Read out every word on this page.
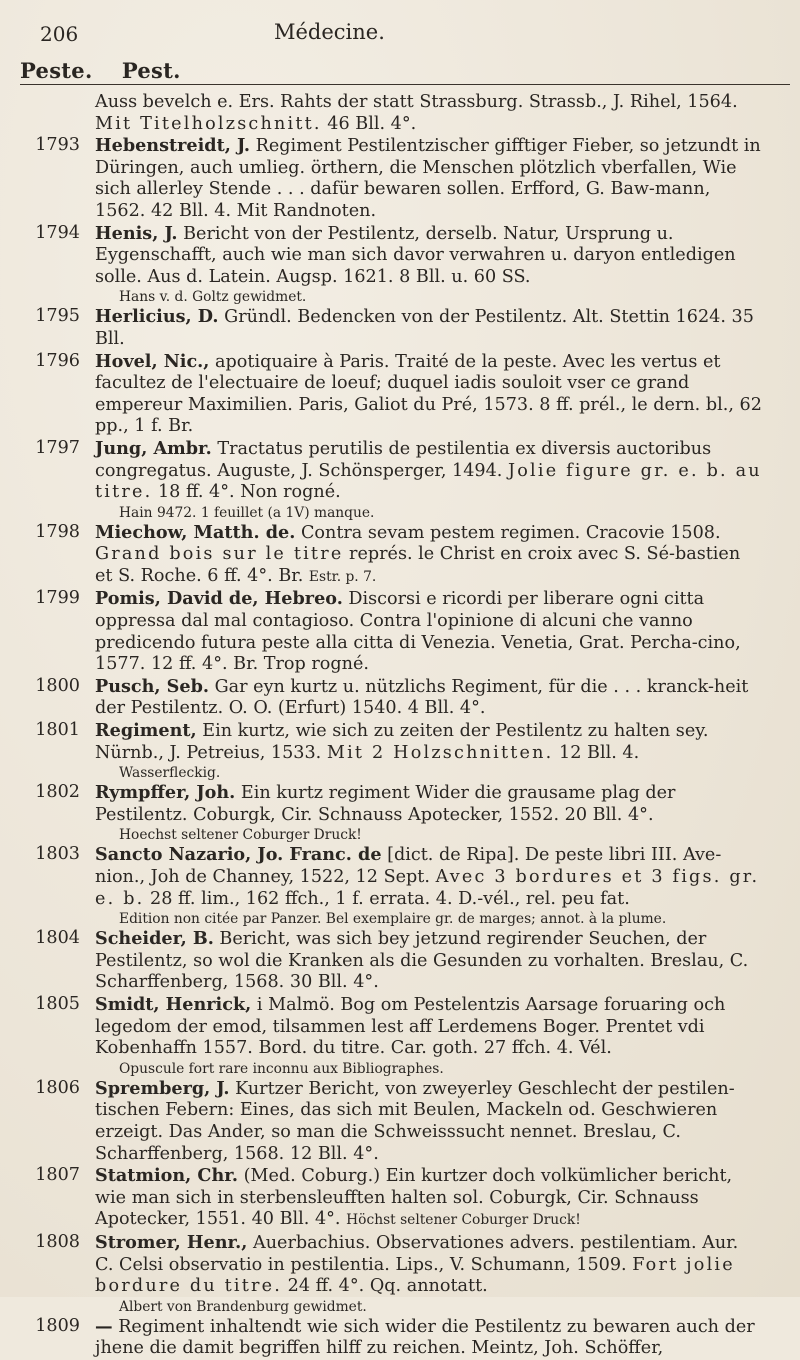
206	Médecine.
Peste. Pest.
Auss bevelch e. Ers. Rahts der statt Strassburg. Strassb., J. Rihel, 1564. Mit Titelholzschnitt. 46 Bll. 4°.
1793 Hebenstreidt, J. Regiment Pestilentzischer gifftiger Fieber, so jetzundt in Düringen, auch umlieg. örthern, die Menschen plötzlich vberfallen, Wie sich allerley Stende . . . dafür bewaren sollen. Erfford, G. Baw-mann, 1562. 42 Bll. 4. Mit Randnoten.
1794 Henis, J. Bericht von der Pestilentz, derselb. Natur, Ursprung u. Eygenschafft, auch wie man sich davor verwahren u. daryon entledigen solle. Aus d. Latein. Augsp. 1621. 8 Bll. u. 60 SS.
Hans v. d. Goltz gewidmet.
1795 Herlicius, D. Gründl. Bedencken von der Pestilentz. Alt. Stettin 1624. 35 Bll.
1796 Hovel, Nic., apotiquaire à Paris. Traité de la peste. Avec les vertus et facultez de l'electuaire de loeuf; duquel iadis souloit vser ce grand empereur Maximilien. Paris, Galiot du Pré, 1573. 8 ff. prél., le dern. bl., 62 pp., 1 f. Br.
1797 Jung, Ambr. Tractatus perutilis de pestilentia ex diversis auctoribus congregatus. Auguste, J. Schönsperger, 1494. Jolie figure gr. e. b. au titre. 18 ff. 4°. Non rogné.
Hain 9472. 1 feuillet (a 1V) manque.
1798 Miechow, Matth. de. Contra sevam pestem regimen. Cracovie 1508. Grand bois sur le titre représ. le Christ en croix avec S. Sé-bastien et S. Roche. 6 ff. 4°. Br. Estr. p. 7.
1799 Pomis, David de, Hebreo. Discorsi e ricordi per liberare ogni citta oppressa dal mal contagioso. Contra l'opinione di alcuni che vanno predicendo futura peste alla citta di Venezia. Venetia, Grat. Percha-cino, 1577. 12 ff. 4°. Br. Trop rogné.
1800 Pusch, Seb. Gar eyn kurtz u. nützlichs Regiment, für die . . . kranck-heit der Pestilentz. O. O. (Erfurt) 1540. 4 Bll. 4°.
1801 Regiment, Ein kurtz, wie sich zu zeiten der Pestilentz zu halten sey. Nürnb., J. Petreius, 1533. Mit 2 Holzschnitten. 12 Bll. 4.
Wasserfleckig.
1802 Rympffer, Joh. Ein kurtz regiment Wider die grausame plag der Pestilentz. Coburgk, Cir. Schnauss Apotecker, 1552. 20 Bll. 4°.
Hoechst seltener Coburger Druck!
1803 Sancto Nazario, Jo. Franc. de [dict. de Ripa]. De peste libri III. Ave-nion., Joh de Channey, 1522, 12 Sept. Avec 3 bordures et 3 figs. gr. e. b. 28 ff. lim., 162 ffch., 1 f. errata. 4. D.-vél., rel. peu fat.
Edition non citée par Panzer. Bel exemplaire gr. de marges; annot. à la plume.
1804 Scheider, B. Bericht, was sich bey jetzund regirender Seuchen, der Pestilentz, so wol die Kranken als die Gesunden zu vorhalten. Breslau, C. Scharffenberg, 1568. 30 Bll. 4°.
1805 Smidt, Henrick, i Malmö. Bog om Pestelentzis Aarsage foruaring och legedom der emod, tilsammen lest aff Lerdemens Boger. Prentet vdi Kobenhaffn 1557. Bord. du titre. Car. goth. 27 ffch. 4. Vél.
Opuscule fort rare inconnu aux Bibliographes.
1806 Spremberg, J. Kurtzer Bericht, von zweyerley Geschlecht der pestilen-tischen Febern: Eines, das sich mit Beulen, Mackeln od. Geschwieren erzeigt. Das Ander, so man die Schweisssucht nennet. Breslau, C. Scharffenberg, 1568. 12 Bll. 4°.
1807 Statmion, Chr. (Med. Coburg.) Ein kurtzer doch volkümlicher bericht, wie man sich in sterbensleufften halten sol. Coburgk, Cir. Schnauss Apotecker, 1551. 40 Bll. 4°. Höchst seltener Coburger Druck!
1808 Stromer, Henr., Auerbachius. Observationes advers. pestilentiam. Aur. C. Celsi observatio in pestilentia. Lips., V. Schumann, 1509. Fort jolie bordure du titre. 24 ff. 4°. Qq. annotatt.
Albert von Brandenburg gewidmet.
1809 — Regiment inhaltendt wie sich wider die Pestilentz zu bewaren auch der jhene die damit begriffen hilff zu reichen. Meintz, Joh. Schöffer,
